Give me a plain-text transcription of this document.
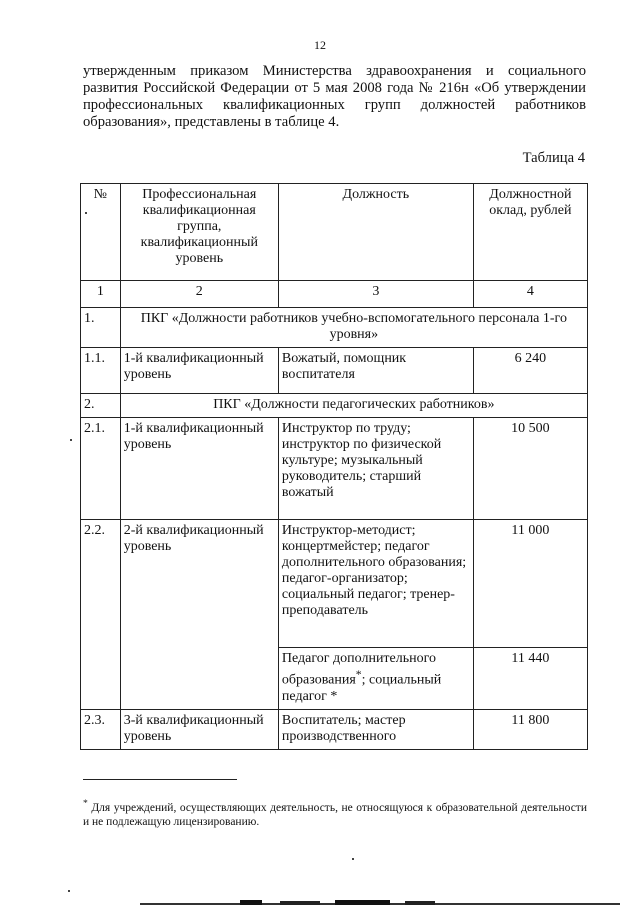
12

утвержденным приказом Министерства здравоохранения и социального развития Российской Федерации от 5 мая 2008 года № 216н «Об утверждении профессиональных квалификационных групп должностей работников образования», представлены в таблице 4.

Таблица 4
№	Профессиональная квалификационная группа, квалификационный уровень	Должность	Должностной оклад, рублей
1	2	3	4
1.	ПКГ «Должности работников учебно-вспомогательного персонала 1-го уровня»		
1.1.	1-й квалификационный уровень	Вожатый, помощник воспитателя	6 240
2.	ПКГ «Должности педагогических работников»		
2.1.	1-й квалификационный уровень	Инструктор по труду; инструктор по физической культуре; музыкальный руководитель; старший вожатый	10 500
2.2.	2-й квалификационный уровень	Инструктор-методист; концертмейстер; педагог дополнительного образования; педагог-организатор; социальный педагог; тренер-преподаватель	11 000
		Педагог дополнительного образования*; социальный педагог *	11 440
2.3.	3-й квалификационный уровень	Воспитатель; мастер производственного	11 800

* Для учреждений, осуществляющих деятельность, не относящуюся к образовательной деятельности и не подлежащую лицензированию.
